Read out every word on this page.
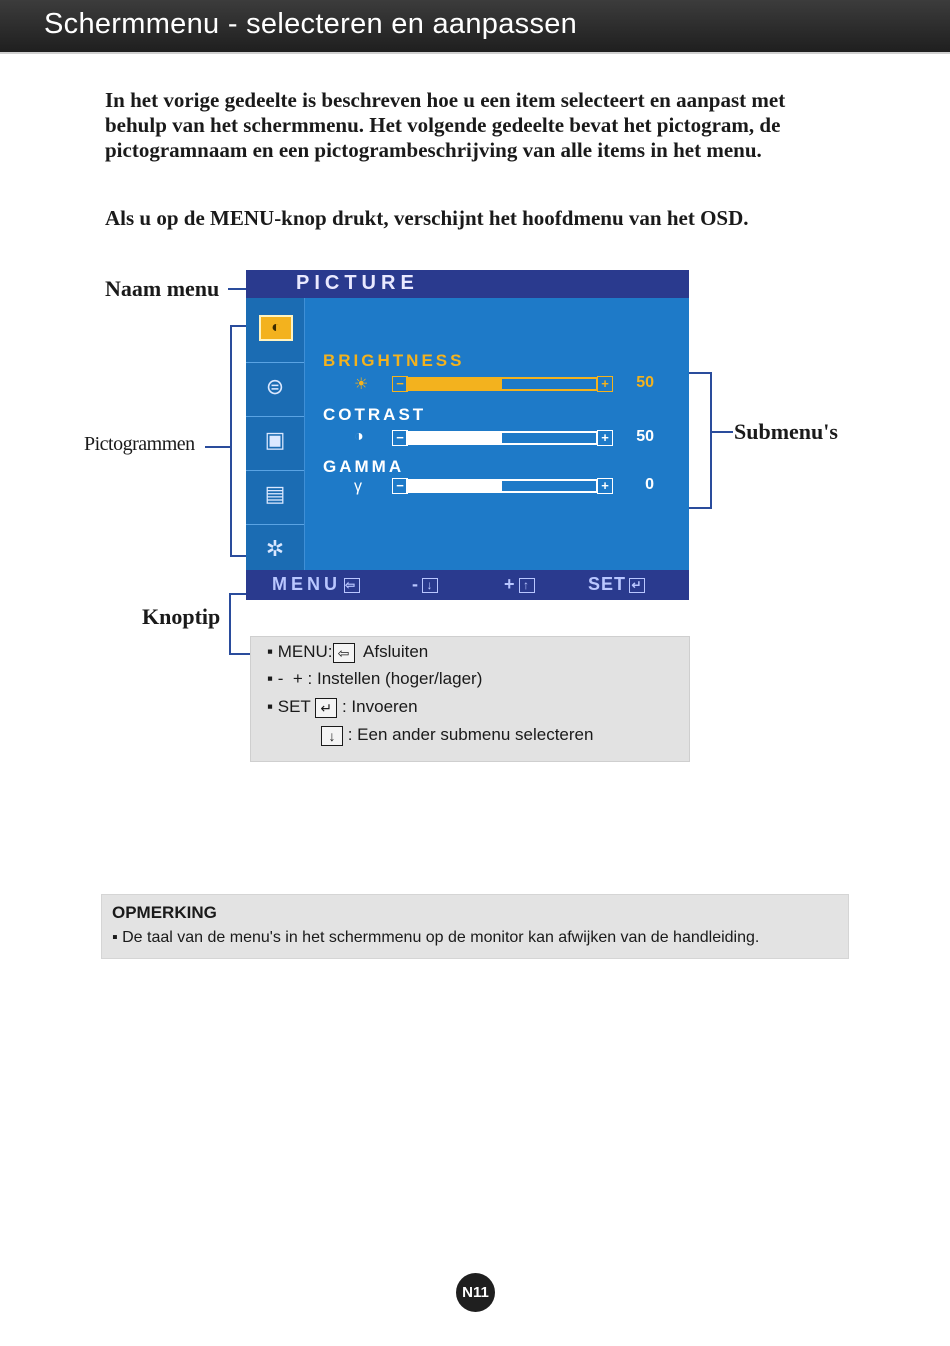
Schermmenu - selecteren en aanpassen
In het vorige gedeelte is beschreven hoe u een item selecteert en aanpast met behulp van het schermmenu. Het volgende gedeelte bevat het pictogram, de pictogramnaam en een pictogrambeschrijving van alle items in het menu.
Als u op de MENU-knop drukt, verschijnt het hoofdmenu van het OSD.
Naam menu
Pictogrammen	Submenu's
Knoptip
PICTURE
◐
⊜
▣
▤
✲
BRIGHTNESS
☀	−	+	50
COTRAST
◑	−	+	50
GAMMA
γ	−	+	0
MENU ⇦	- ↓	+ ↑	SET ↵
▪ MENU: ⇦ Afsluiten
▪ - + : Instellen (hoger/lager)
▪ SET ↵ : Invoeren
↓ : Een ander submenu selecteren
OPMERKING
▪ De taal van de menu's in het schermmenu op de monitor kan afwijken van de handleiding.
N11
